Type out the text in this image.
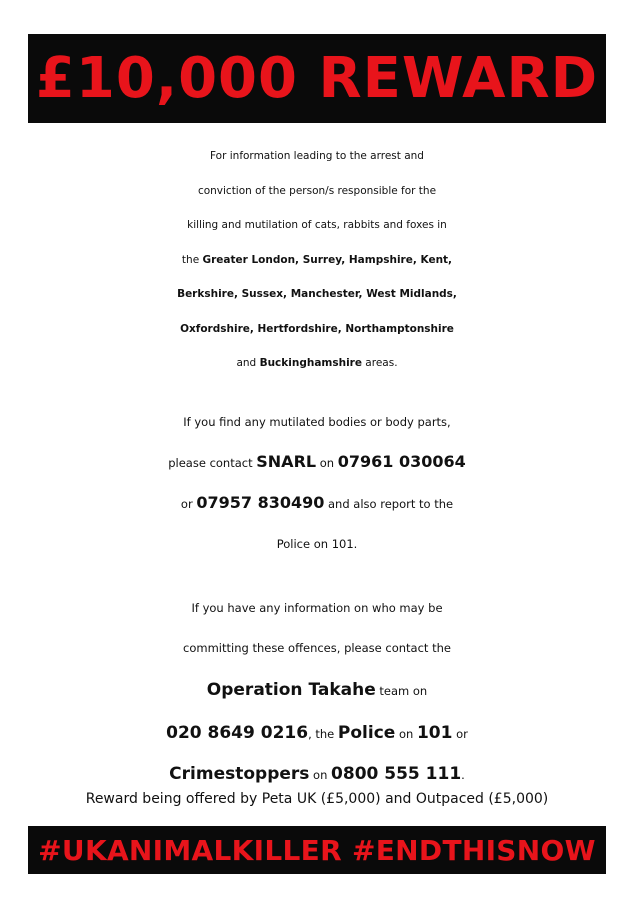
£10,000 REWARD

For information leading to the arrest and
conviction of the person/s responsible for the
killing and mutilation of cats, rabbits and foxes in
the Greater London, Surrey, Hampshire, Kent,
Berkshire, Sussex, Manchester, West Midlands,
Oxfordshire, Hertfordshire, Northamptonshire
and Buckinghamshire areas.

If you find any mutilated bodies or body parts,
please contact SNARL on 07961 030064
or 07957 830490 and also report to the
Police on 101.

If you have any information on who may be
committing these offences, please contact the
Operation Takahe team on
020 8649 0216, the Police on 101 or
Crimestoppers on 0800 555 111.

Reward being offered by Peta UK (£5,000) and Outpaced (£5,000)

#UKANIMALKILLER #ENDTHISNOW
